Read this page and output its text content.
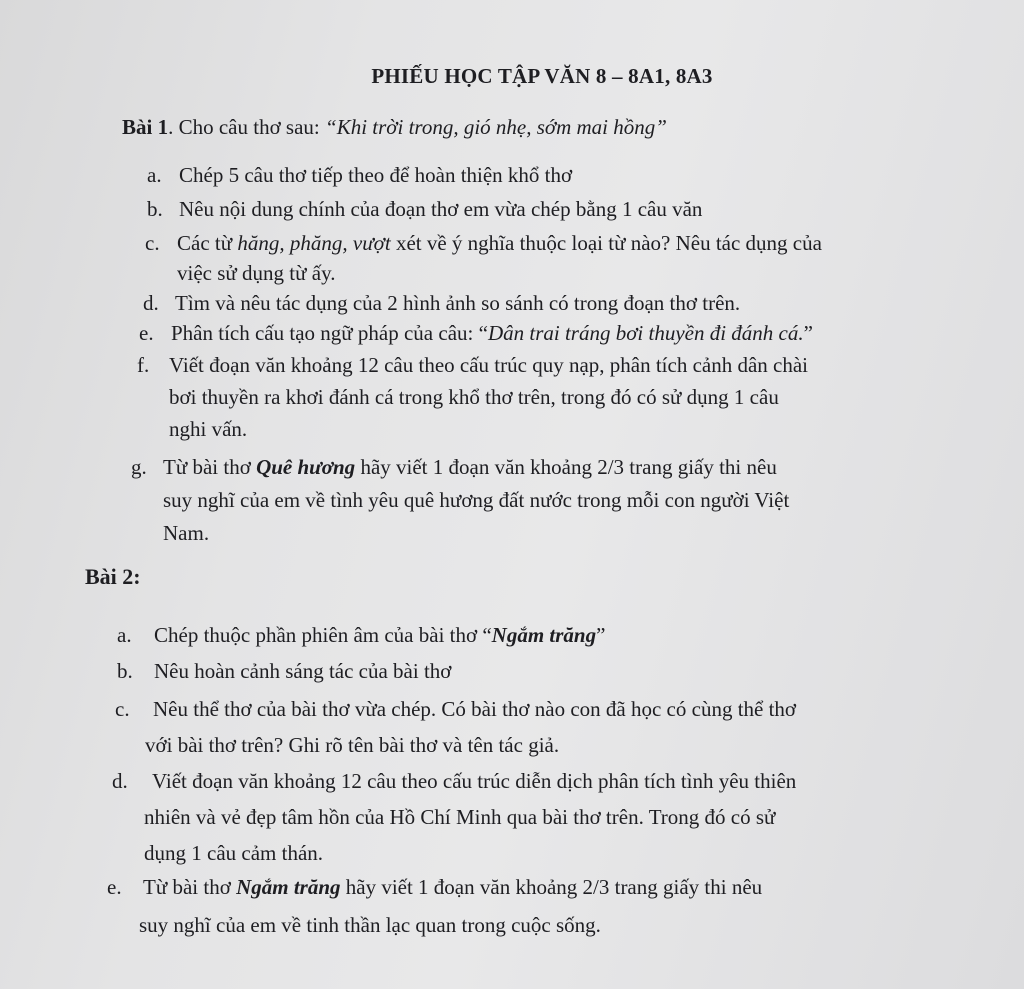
PHIẾU HỌC TẬP VĂN 8 – 8A1, 8A3
Bài 1. Cho câu thơ sau: “Khi trời trong, gió nhẹ, sớm mai hồng”
a. Chép 5 câu thơ tiếp theo để hoàn thiện khổ thơ
b. Nêu nội dung chính của đoạn thơ em vừa chép bằng 1 câu văn
c. Các từ hăng, phăng, vượt xét về ý nghĩa thuộc loại từ nào? Nêu tác dụng của
việc sử dụng từ ấy.
d. Tìm và nêu tác dụng của 2 hình ảnh so sánh có trong đoạn thơ trên.
e. Phân tích cấu tạo ngữ pháp của câu: “Dân trai tráng bơi thuyền đi đánh cá.”
f. Viết đoạn văn khoảng 12 câu theo cấu trúc quy nạp, phân tích cảnh dân chài
bơi thuyền ra khơi đánh cá trong khổ thơ trên, trong đó có sử dụng 1 câu
nghi vấn.
g. Từ bài thơ Quê hương hãy viết 1 đoạn văn khoảng 2/3 trang giấy thi nêu
suy nghĩ của em về tình yêu quê hương đất nước trong mỗi con người Việt
Nam.
Bài 2:
a. Chép thuộc phần phiên âm của bài thơ “Ngắm trăng”
b. Nêu hoàn cảnh sáng tác của bài thơ
c. Nêu thể thơ của bài thơ vừa chép. Có bài thơ nào con đã học có cùng thể thơ
với bài thơ trên? Ghi rõ tên bài thơ và tên tác giả.
d. Viết đoạn văn khoảng 12 câu theo cấu trúc diễn dịch phân tích tình yêu thiên
nhiên và vẻ đẹp tâm hồn của Hồ Chí Minh qua bài thơ trên. Trong đó có sử
dụng 1 câu cảm thán.
e. Từ bài thơ Ngắm trăng hãy viết 1 đoạn văn khoảng 2/3 trang giấy thi nêu
suy nghĩ của em về tinh thần lạc quan trong cuộc sống.
